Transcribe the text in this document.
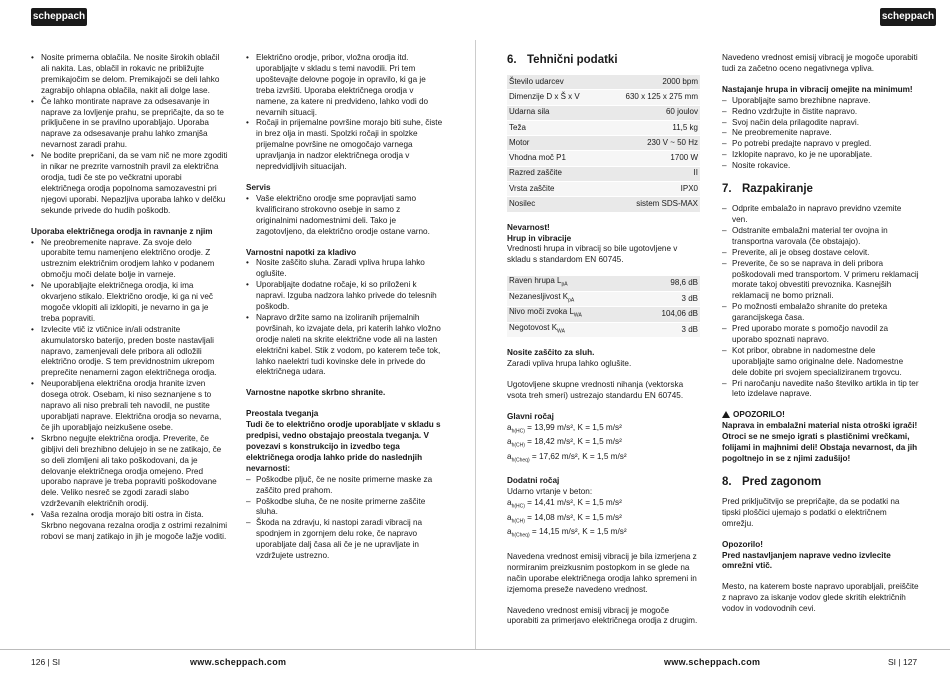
scheppach	scheppach
• Nosite primerna oblačila. Ne nosite širokih oblačil ali nakita. Las, oblačil in rokavic ne približujte premikajočim se delom. Premikajoči se deli lahko zagrabijo ohlapna oblačila, nakit ali dolge lase.
• Če lahko montirate naprave za odsesavanje in naprave za lovljenje prahu, se prepričajte, da so te priključene in se pravilno uporabljajo. Uporaba naprave za odsesavanje prahu lahko zmanjša nevarnost zaradi prahu.
• Ne bodite prepričani, da se vam nič ne more zgoditi in nikar ne prezrite varnostnih pravil za električna orodja, tudi če ste po večkratni uporabi električnega orodja popolnoma samozavestni pri njegovi uporabi. Nepazljiva uporaba lahko v delčku sekunde privede do hudih poškodb.

Uporaba električnega orodja in ravnanje z njim

• Ne preobremenite naprave. Za svoje delo uporabite temu namenjeno električno orodje. Z ustreznim električnim orodjem lahko v podanem območju moči delate bolje in varneje.
• Ne uporabljajte električnega orodja, ki ima okvarjeno stikalo. Električno orodje, ki ga ni več mogoče vklopiti ali izklopiti, je nevarno in ga je treba popraviti.
• Izvlecite vtič iz vtičnice in/ali odstranite akumulatorsko baterijo, preden boste nastavljali napravo, zamenjevali dele pribora ali odložili električno orodje. S tem previdnostnim ukrepom preprečite nenamerni zagon električnega orodja.
• Neuporabljena električna orodja hranite izven dosega otrok. Osebam, ki niso seznanjene s to napravo ali niso prebrali teh navodil, ne pustite uporabljati naprave. Električna orodja so nevarna, če jih uporabljajo neizkušene osebe.
• Skrbno negujte električna orodja. Preverite, če gibljivi deli brezhibno delujejo in se ne zatikajo, če so deli zlomljeni ali tako poškodovani, da je delovanje električnega orodja omejeno. Pred uporabo naprave je treba popraviti poškodovane dele. Veliko nesreč se zgodi zaradi slabo vzdrževanih električnih orodij.
• Vaša rezalna orodja morajo biti ostra in čista. Skrbno negovana rezalna orodja z ostrimi rezalnimi robovi se manj zatikajo in jih je mogoče lažje voditi.
• Električno orodje, pribor, vložna orodja itd. uporabljajte v skladu s temi navodili. Pri tem upoštevajte delovne pogoje in opravilo, ki ga je treba izvršiti. Uporaba električnega orodja v namene, za katere ni predvideno, lahko vodi do nevarnih situacij.
• Ročaji in prijemalne površine morajo biti suhe, čiste in brez olja in masti. Spolzki ročaji in spolzke prijemalne površine ne omogočajo varnega upravljanja in nadzor električnega orodja v nepredvidljivih situacijah.

Servis

• Vaše električno orodje sme popravljati samo kvalificirano strokovno osebje in samo z originalnimi nadomestnimi deli. Tako je zagotovljeno, da električno orodje ostane varno.

Varnostni napotki za kladivo

• Nosite zaščito sluha. Zaradi vpliva hrupa lahko oglušite.
• Uporabljajte dodatne ročaje, ki so priloženi k napravi. Izguba nadzora lahko privede do telesnih poškodb.
• Napravo držite samo na izoliranih prijemalnih površinah, ko izvajate dela, pri katerih lahko vložno orodje naleti na skrite električne vode ali na lasten električni kabel. Stik z vodom, po katerem teče tok, lahko naelektri tudi kovinske dele in privede do električnega udara.

Varnostne napotke skrbno shranite.

Preostala tveganja

Tudi če to električno orodje uporabljate v skladu s predpisi, vedno obstajajo preostala tveganja. V povezavi s konstrukcijo in izvedbo tega električnega orodja lahko pride do naslednjih nevarnosti:

– Poškodbe pljuč, če ne nosite primerne maske za zaščito pred prahom.
– Poškodbe sluha, če ne nosite primerne zaščite sluha.
– Škoda na zdravju, ki nastopi zaradi vibracij na spodnjem in zgornjem delu roke, če napravo uporabljate dalj časa ali če je ne upravljate in vzdržujete ustrezno.
6. Tehnični podatki
Število udarcev	2000 bpm
Dimenzije D x Š x V	630 x 125 x 275 mm
Udarna sila	60 joulov
Teža	11,5 kg
Motor	230 V ~ 50 Hz
Vhodna moč P1	1700 W
Razred zaščite	II
Vrsta zaščite	IPX0
Nosilec	sistem SDS-MAX

Nevarnost!

Hrup in vibracije

Vrednosti hrupa in vibracij so bile ugotovljene v skladu s standardom EN 60745.

Raven hrupa $L_{pA}$	98,6 dB
Nezanesljivost $K_{pA}$	3 dB
Nivo moči zvoka $L_{WA}$	104,06 dB
Negotovost $K_{WA}$	3 dB

Nosite zaščito za sluh.

Zaradi vpliva hrupa lahko oglušite.

Ugotovljene skupne vrednosti nihanja (vektorska vsota treh smeri) ustrezajo standardu EN 60745.

Glavni ročaj

$a_{h(HC)} = 13,99$ m/s², K = 1,5 m/s²

$a_{h(CH)} = 18,42$ m/s², K = 1,5 m/s²

$a_{h(Cheq)} = 17,62$ m/s², K = 1,5 m/s²

Dodatni ročaj

Udarno vrtanje v beton:

$a_{h(HC)} = 14,41$ m/s², K = 1,5 m/s²

$a_{h(CH)} = 14,08$ m/s², K = 1,5 m/s²

$a_{h(Cheq)} = 14,15$ m/s², K = 1,5 m/s²

Navedena vrednost emisij vibracij je bila izmerjena z normiranim preizkusnim postopkom in se glede na način uporabe električnega orodja lahko spremeni in izjemoma preseže navedeno vrednost.

Navedeno vrednost emisij vibracij je mogoče uporabiti za primerjavo električnega orodja z drugim.

Navedeno vrednost emisij vibracij je mogoče uporabiti tudi za začetno oceno negativnega vpliva.

Nastajanje hrupa in vibracij omejite na minimum!

– Uporabljajte samo brezhibne naprave.
– Redno vzdržujte in čistite napravo.
– Svoj način dela prilagodite napravi.
– Ne preobremenite naprave.
– Po potrebi predajte napravo v pregled.
– Izklopite napravo, ko je ne uporabljate.
– Nosite rokavice.
7. Razpakiranje
– Odprite embalažo in napravo previdno vzemite ven.
– Odstranite embalažni material ter ovojna in transportna varovala (če obstajajo).
– Preverite, ali je obseg dostave celovit.
– Preverite, če so se naprava in deli pribora poškodovali med transportom. V primeru reklamacij morate takoj obvestiti prevoznika. Kasnejših reklamacij ne bomo priznali.
– Po možnosti embalažo shranite do preteka garancijskega časa.
– Pred uporabo morate s pomočjo navodil za uporabo spoznati napravo.
– Kot pribor, obrabne in nadomestne dele uporabljajte samo originalne dele. Nadomestne dele dobite pri svojem specializiranem trgovcu.
– Pri naročanju navedite našo številko artikla in tip ter leto izdelave naprave.

OPOZORILO!

Naprava in embalažni material nista otroški igrači! Otroci se ne smejo igrati s plastičnimi vrečkami, folijami in majhnimi deli! Obstaja nevarnost, da jih pogoltnejo in se z njimi zadušijo!

8. Pred zagonom

Pred priključitvijo se prepričajte, da se podatki na tipski ploščici ujemajo s podatki o električnem omrežju.

Opozorilo!

Pred nastavljanjem naprave vedno izvlecite omrežni vtič.

Mesto, na katerem boste napravo uporabljali, preiščite z napravo za iskanje vodov glede skritih električnih vodov in vodovodnih cevi.

126 | SI	www.scheppach.com	www.scheppach.com	SI | 127
